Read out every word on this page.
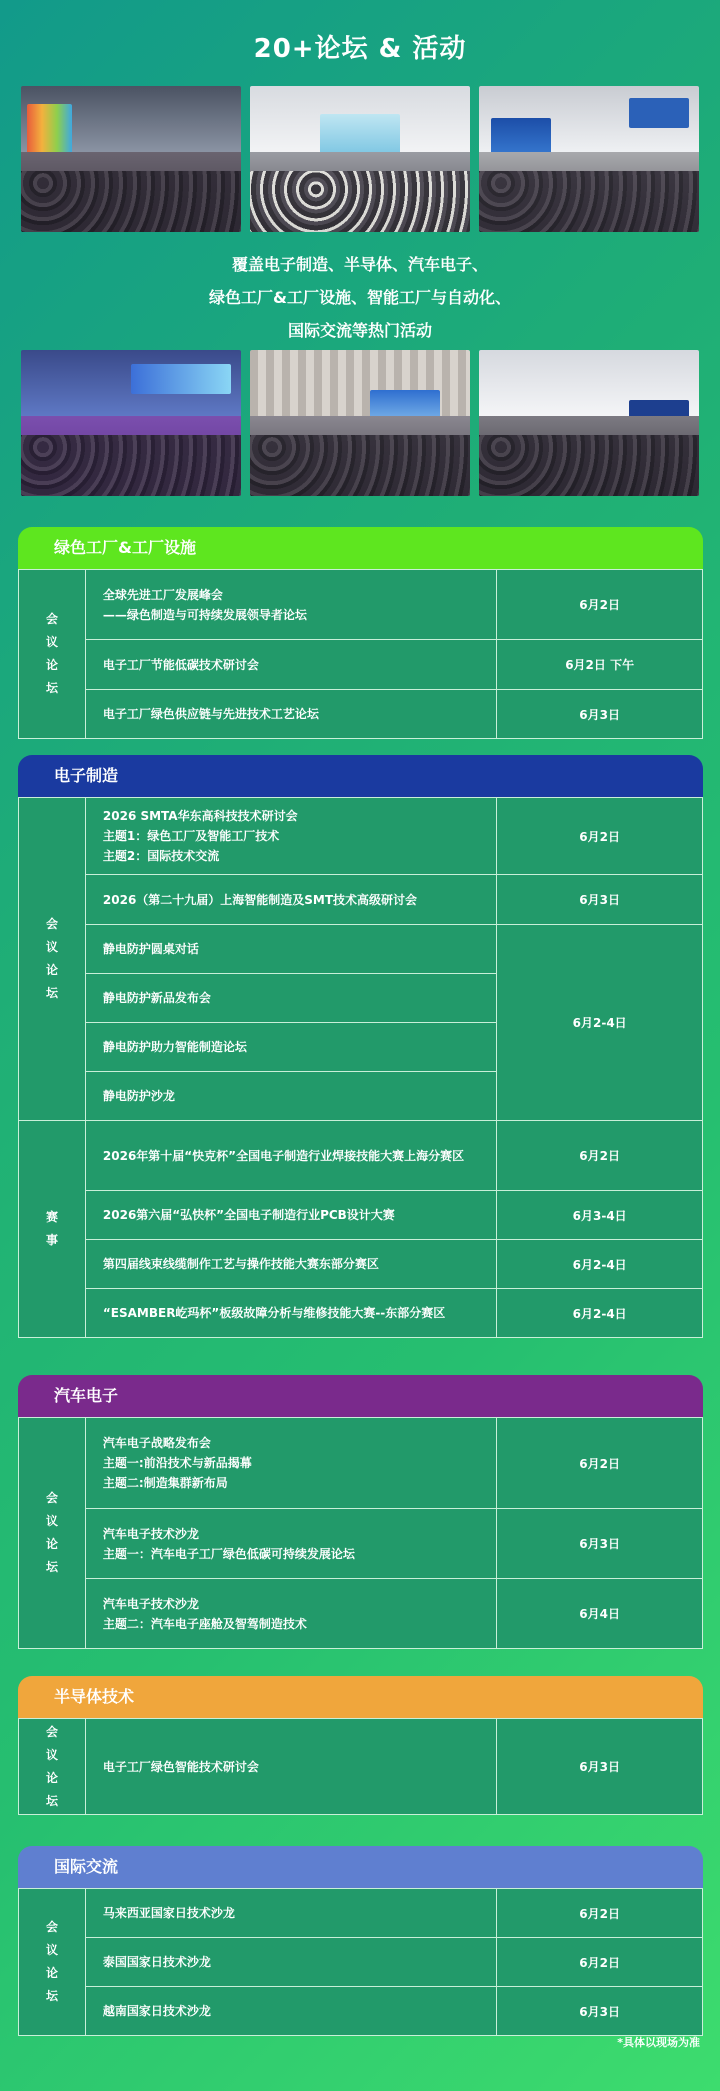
20+论坛 & 活动
覆盖电子制造、半导体、汽车电子、
绿色工厂&工厂设施、智能工厂与自动化、
国际交流等热门活动
绿色工厂&工厂设施
会
议
论
坛	全球先进工厂发展峰会
——绿色制造与可持续发展领导者论坛	6月2日
	电子工厂节能低碳技术研讨会	6月2日 下午
	电子工厂绿色供应链与先进技术工艺论坛	6月3日
电子制造
会
议
论
坛	2026 SMTA华东高科技技术研讨会
主题1：绿色工厂及智能工厂技术
主题2：国际技术交流	6月2日
	2026（第二十九届）上海智能制造及SMT技术高级研讨会	6月3日
	静电防护圆桌对话	6月2-4日
	静电防护新品发布会	
	静电防护助力智能制造论坛	
	静电防护沙龙	
赛
事	2026年第十届“快克杯”全国电子制造行业焊接技能大赛上海分赛区	6月2日
	2026第六届“弘快杯”全国电子制造行业PCB设计大赛	6月3-4日
	第四届线束线缆制作工艺与操作技能大赛东部分赛区	6月2-4日
	“ESAMBER屹玛杯”板级故障分析与维修技能大赛--东部分赛区	6月2-4日
汽车电子
会
议
论
坛	汽车电子战略发布会
主题一:前沿技术与新品揭幕
主题二:制造集群新布局	6月2日
	汽车电子技术沙龙
主题一：汽车电子工厂绿色低碳可持续发展论坛	6月3日
	汽车电子技术沙龙
主题二：汽车电子座舱及智驾制造技术	6月4日
半导体技术
会
议
论
坛	电子工厂绿色智能技术研讨会	6月3日
国际交流
会
议
论
坛	马来西亚国家日技术沙龙	6月2日
	泰国国家日技术沙龙	6月2日
	越南国家日技术沙龙	6月3日
*具体以现场为准
